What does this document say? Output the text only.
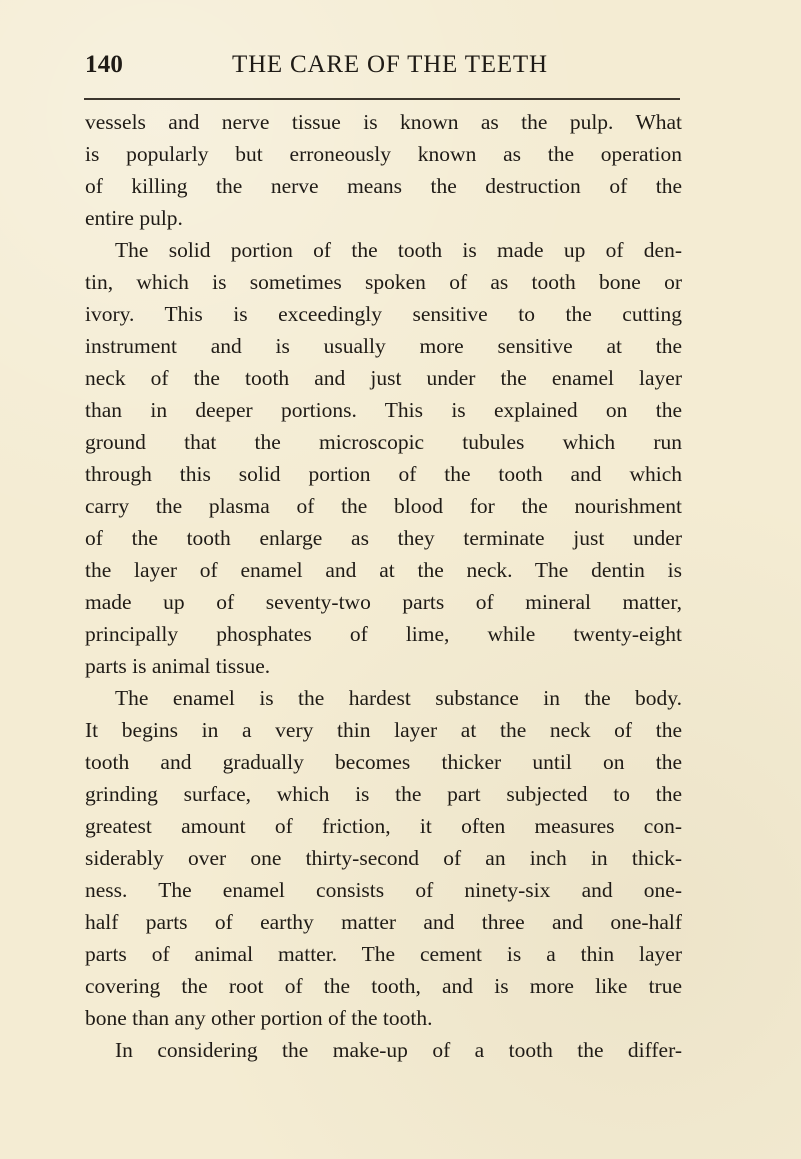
140	THE CARE OF THE TEETH
vessels and nerve tissue is known as the pulp. What
is popularly but erroneously known as the operation
of killing the nerve means the destruction of the
entire pulp.
The solid portion of the tooth is made up of den-
tin, which is sometimes spoken of as tooth bone or
ivory. This is exceedingly sensitive to the cutting
instrument and is usually more sensitive at the
neck of the tooth and just under the enamel layer
than in deeper portions. This is explained on the
ground that the microscopic tubules which run
through this solid portion of the tooth and which
carry the plasma of the blood for the nourishment
of the tooth enlarge as they terminate just under
the layer of enamel and at the neck. The dentin is
made up of seventy-two parts of mineral matter,
principally phosphates of lime, while twenty-eight
parts is animal tissue.
The enamel is the hardest substance in the body.
It begins in a very thin layer at the neck of the
tooth and gradually becomes thicker until on the
grinding surface, which is the part subjected to the
greatest amount of friction, it often measures con-
siderably over one thirty-second of an inch in thick-
ness. The enamel consists of ninety-six and one-
half parts of earthy matter and three and one-half
parts of animal matter. The cement is a thin layer
covering the root of the tooth, and is more like true
bone than any other portion of the tooth.
In considering the make-up of a tooth the differ-
